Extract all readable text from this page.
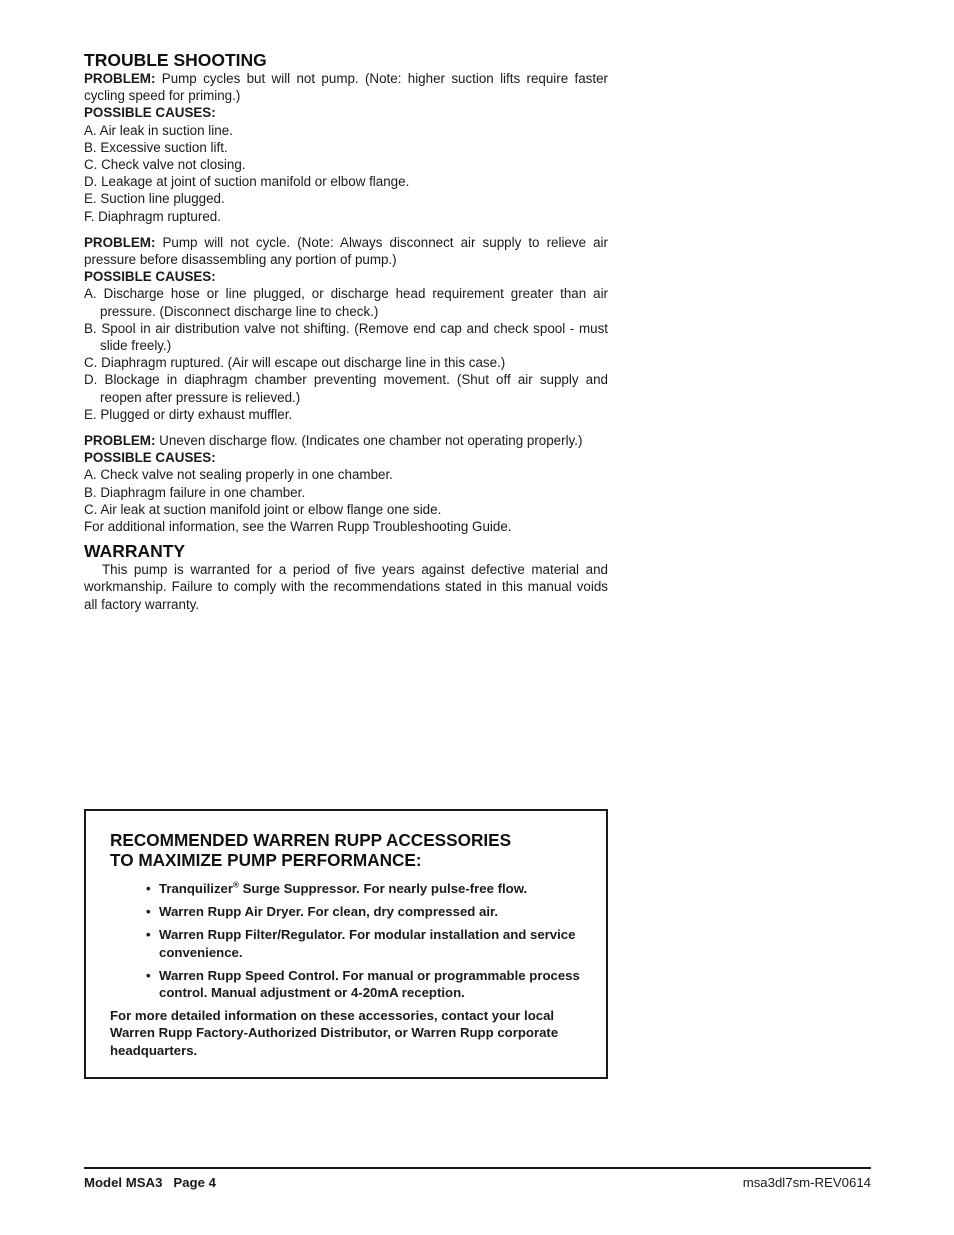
TROUBLE SHOOTING

PROBLEM: Pump cycles but will not pump. (Note: higher suction lifts require faster cycling speed for priming.)

POSSIBLE CAUSES:

A. Air leak in suction line.

B. Excessive suction lift.

C. Check valve not closing.

D. Leakage at joint of suction manifold or elbow flange.

E. Suction line plugged.

F. Diaphragm ruptured.

PROBLEM: Pump will not cycle. (Note: Always disconnect air supply to relieve air pressure before disassembling any portion of pump.)

POSSIBLE CAUSES:

A. Discharge hose or line plugged, or discharge head requirement greater than air pressure. (Disconnect discharge line to check.)

B. Spool in air distribution valve not shifting. (Remove end cap and check spool - must slide freely.)

C. Diaphragm ruptured. (Air will escape out discharge line in this case.)

D. Blockage in diaphragm chamber preventing movement. (Shut off air supply and reopen after pressure is relieved.)

E. Plugged or dirty exhaust muffler.

PROBLEM: Uneven discharge flow. (Indicates one chamber not operating properly.)

POSSIBLE CAUSES:

A. Check valve not sealing properly in one chamber.

B. Diaphragm failure in one chamber.

C. Air leak at suction manifold joint or elbow flange one side.

For additional information, see the Warren Rupp Troubleshooting Guide.

WARRANTY

This pump is warranted for a period of five years against defective material and workmanship. Failure to comply with the recommendations stated in this manual voids all factory warranty.

RECOMMENDED WARREN RUPP ACCESSORIES
TO MAXIMIZE PUMP PERFORMANCE:

• Tranquilizer® Surge Suppressor. For nearly pulse-free flow.
• Warren Rupp Air Dryer. For clean, dry compressed air.
• Warren Rupp Filter/Regulator. For modular installation and service convenience.
• Warren Rupp Speed Control. For manual or programmable process control. Manual adjustment or 4-20mA reception.

For more detailed information on these accessories, contact your local Warren Rupp Factory-Authorized Distributor, or Warren Rupp corporate headquarters.

Model MSA3 Page 4	msa3dl7sm-REV0614
